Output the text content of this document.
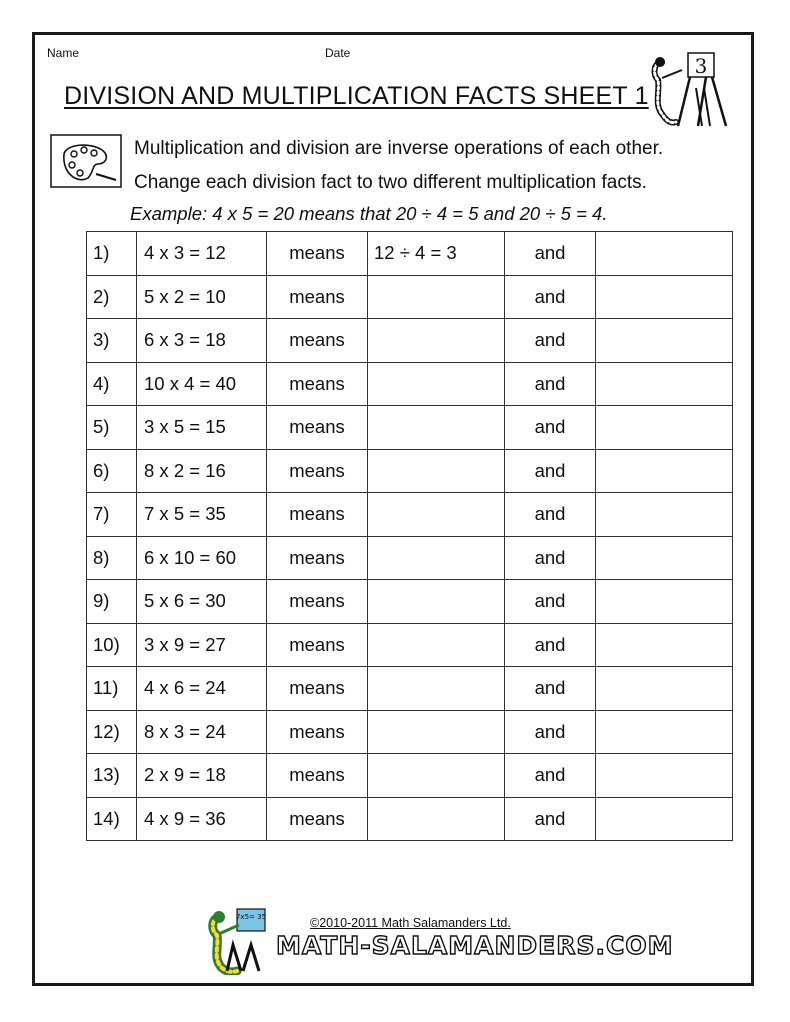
Name	Date
DIVISION AND MULTIPLICATION FACTS SHEET 1
3
Multiplication and division are inverse operations of each other.
Change each division fact to two different multiplication facts.
Example: 4 x 5 = 20 means that 20 ÷ 4 = 5 and 20 ÷ 5 = 4.
1)	4 x 3 = 12	means	12 ÷ 4 = 3	and	
2)	5 x 2 = 10	means		and	
3)	6 x 3 = 18	means		and	
4)	10 x 4 = 40	means		and	
5)	3 x 5 = 15	means		and	
6)	8 x 2 = 16	means		and	
7)	7 x 5 = 35	means		and	
8)	6 x 10 = 60	means		and	
9)	5 x 6 = 30	means		and	
10)	3 x 9 = 27	means		and	
11)	4 x 6 = 24	means		and	
12)	8 x 3 = 24	means		and	
13)	2 x 9 = 18	means		and	
14)	4 x 9 = 36	means		and	
7x5= 35	©2010-2011 Math Salamanders Ltd.
MATH-SALAMANDERS.COM
